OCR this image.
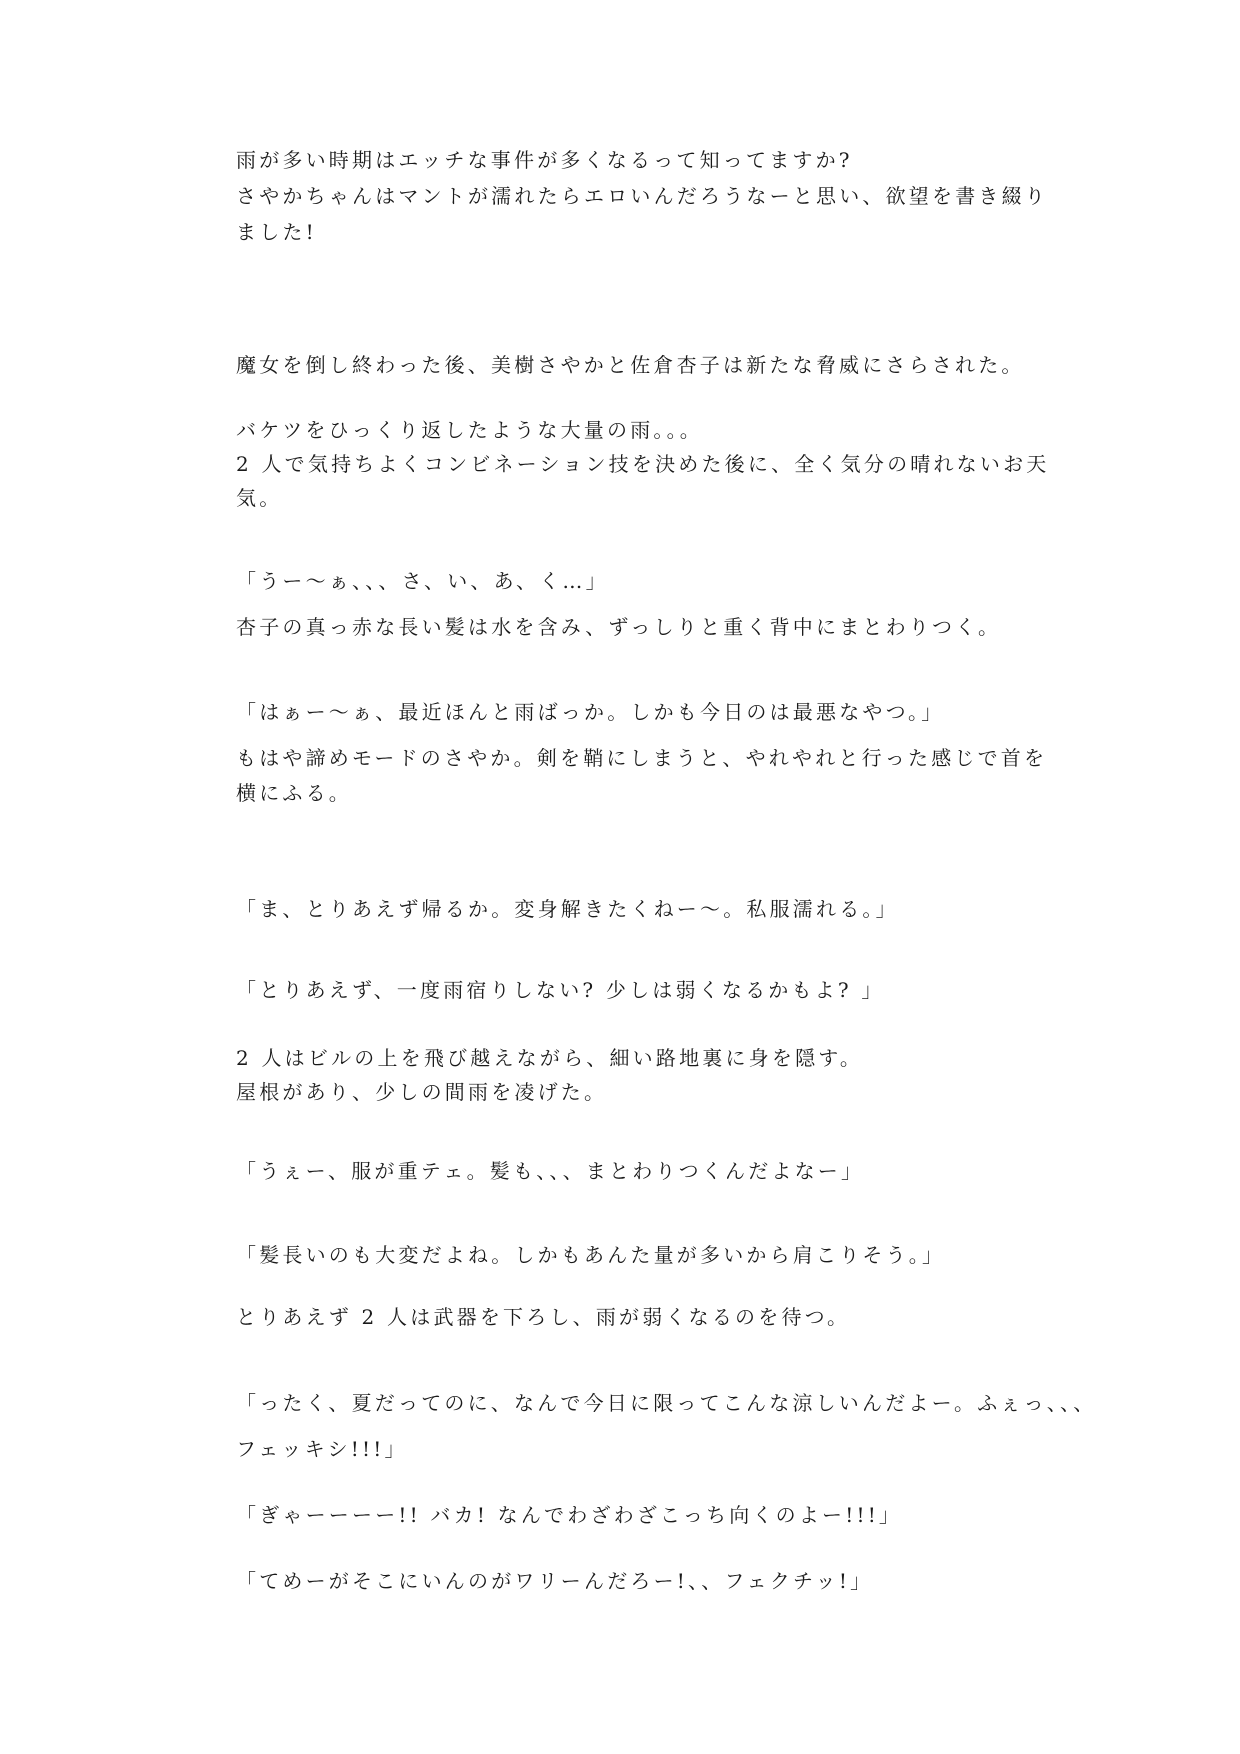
雨が多い時期はエッチな事件が多くなるって知ってますか?
さやかちゃんはマントが濡れたらエロいんだろうなーと思い、欲望を書き綴り
ました!
魔女を倒し終わった後、美樹さやかと佐倉杏子は新たな脅威にさらされた。
バケツをひっくり返したような大量の雨。。。
2 人で気持ちよくコンビネーション技を決めた後に、全く気分の晴れないお天
気。
「うー〜ぁ、、、さ、い、あ、く…」
杏子の真っ赤な長い髪は水を含み、ずっしりと重く背中にまとわりつく。
「はぁー〜ぁ、最近ほんと雨ばっか。しかも今日のは最悪なやつ。」
もはや諦めモードのさやか。剣を鞘にしまうと、やれやれと行った感じで首を
横にふる。
「ま、とりあえず帰るか。変身解きたくねー〜。私服濡れる。」
「とりあえず、一度雨宿りしない? 少しは弱くなるかもよ? 」
2 人はビルの上を飛び越えながら、細い路地裏に身を隠す。
屋根があり、少しの間雨を凌げた。
「うぇー、服が重テェ。髪も、、、まとわりつくんだよなー」
「髪長いのも大変だよね。しかもあんた量が多いから肩こりそう。」
とりあえず 2 人は武器を下ろし、雨が弱くなるのを待つ。
「ったく、夏だってのに、なんで今日に限ってこんな涼しいんだよー。ふぇっ、、、
フェッキシ!!!」
「ぎゃーーーー!! バカ! なんでわざわざこっち向くのよー!!!」
「てめーがそこにいんのがワリーんだろー!、、フェクチッ!」
